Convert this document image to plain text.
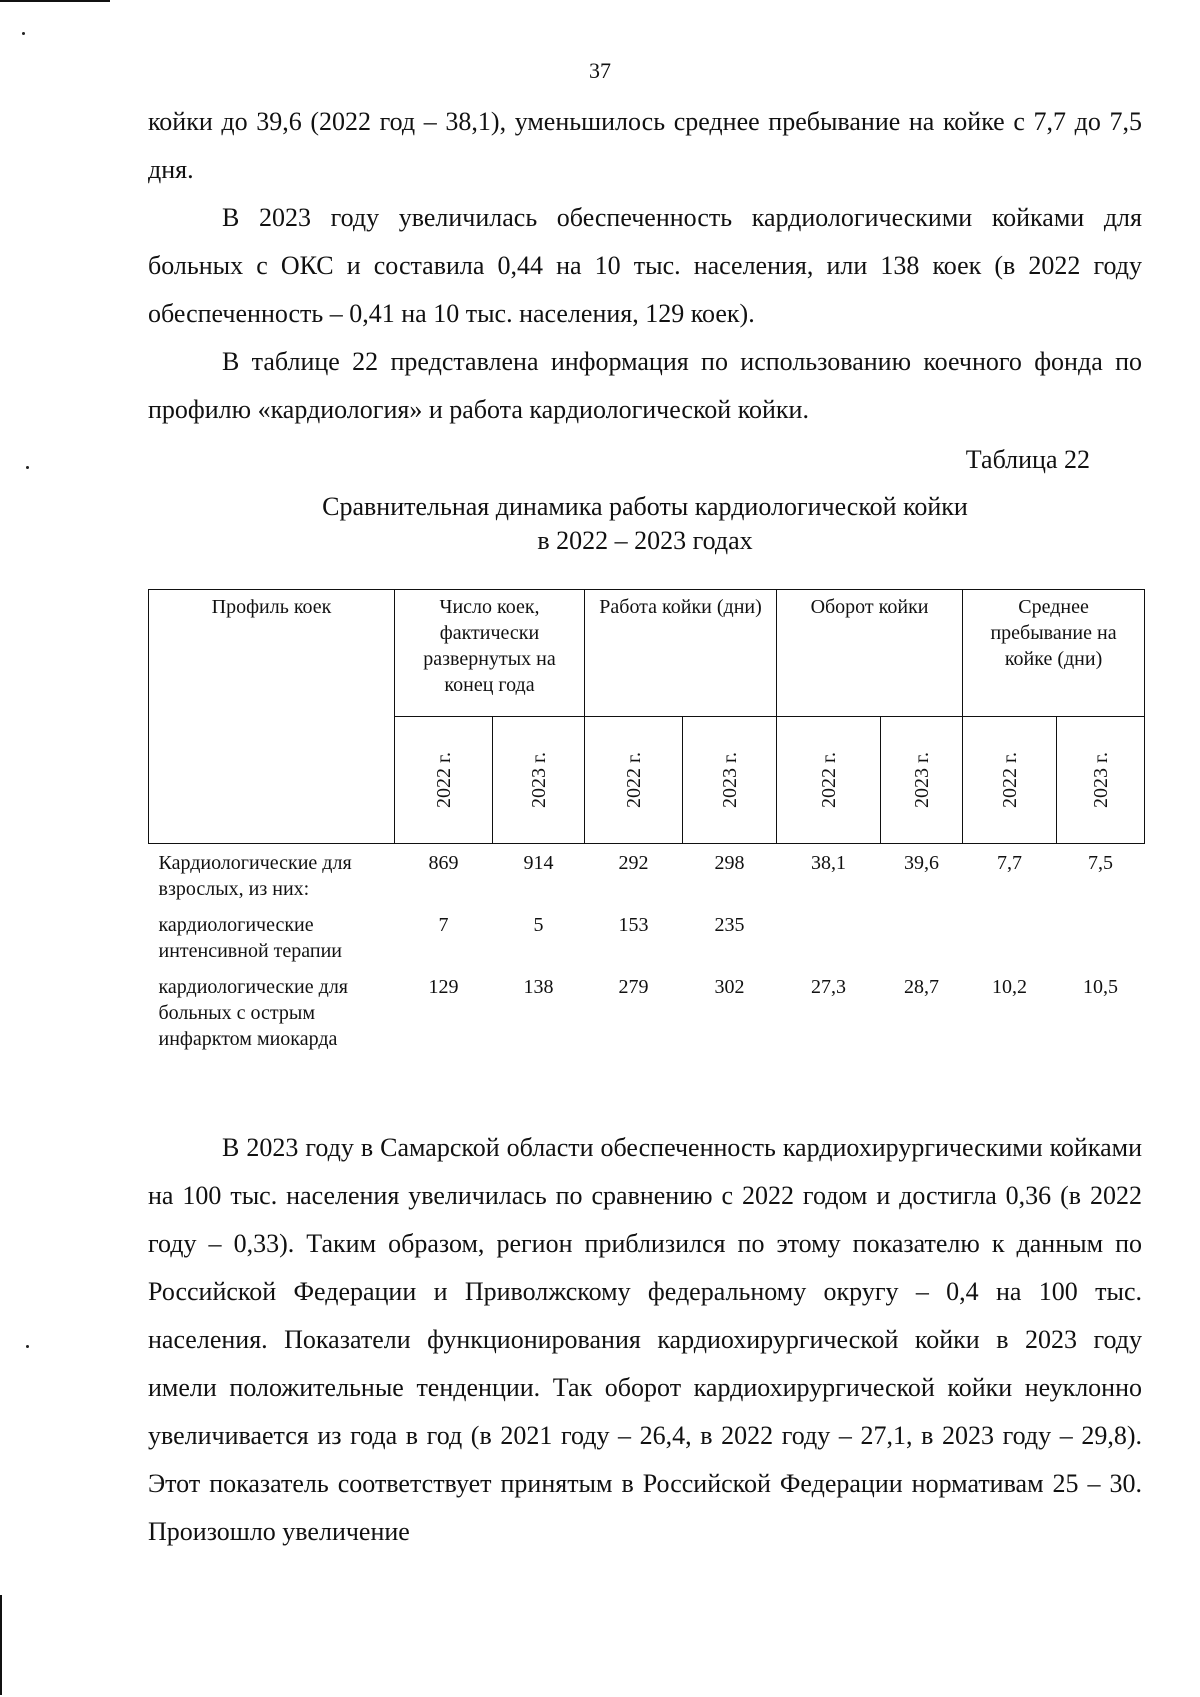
37

койки до 39,6 (2022 год – 38,1), уменьшилось среднее пребывание на койке с 7,7 до 7,5 дня.

В 2023 году увеличилась обеспеченность кардиологическими койками для больных с ОКС и составила 0,44 на 10 тыс. населения, или 138 коек (в 2022 году обеспеченность – 0,41 на 10 тыс. населения, 129 коек).

В таблице 22 представлена информация по использованию коечного фонда по профилю «кардиология» и работа кардиологической койки.

Таблица 22
Сравнительная динамика работы кардиологической койки
в 2022 – 2023 годах
Профиль коек	Число коек, фактически развернутых на конец года		Работа койки (дни)		Оборот койки		Среднее пребывание на койке (дни)	
	2022 г.	2023 г.	2022 г.	2023 г.	2022 г.	2023 г.	2022 г.	2023 г.
Кардиологические для взрослых, из них:	869	914	292	298	38,1	39,6	7,7	7,5
кардиологические интенсивной терапии	7	5	153	235				
кардиологические для больных с острым инфарктом миокарда	129	138	279	302	27,3	28,7	10,2	10,5

В 2023 году в Самарской области обеспеченность кардиохирургическими койками на 100 тыс. населения увеличилась по сравнению с 2022 годом и достигла 0,36 (в 2022 году – 0,33). Таким образом, регион приблизился по этому показателю к данным по Российской Федерации и Приволжскому федеральному округу – 0,4 на 100 тыс. населения. Показатели функционирования кардиохирургической койки в 2023 году имели положительные тенденции. Так оборот кардиохирургической койки неуклонно увеличивается из года в год (в 2021 году – 26,4, в 2022 году – 27,1, в 2023 году – 29,8). Этот показатель соответствует принятым в Российской Федерации нормативам 25 – 30. Произошло увеличение
